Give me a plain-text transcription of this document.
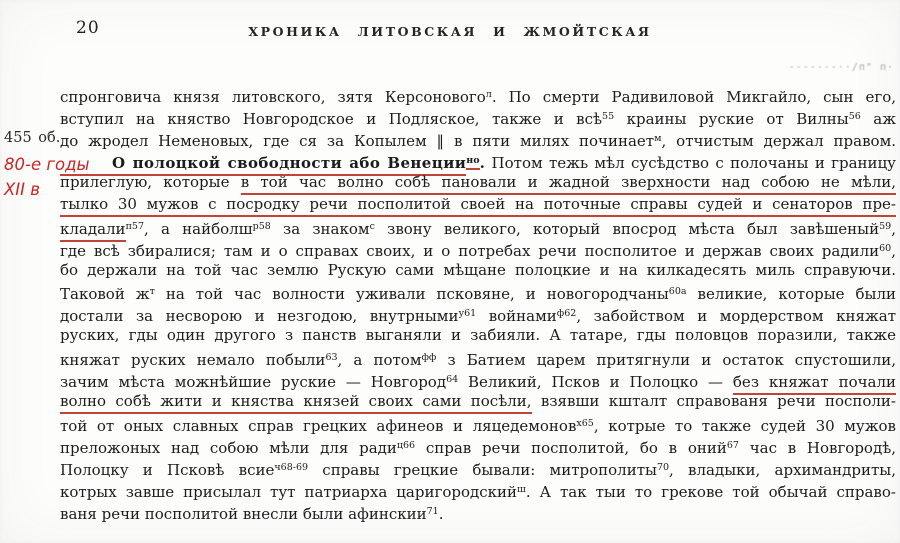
20	ХРОНИКА ЛИТОВСКАЯ И ЖМОЙТСКАЯ
-------··/п" п·
455 об.
80-е годы
XII в
спронговича князя литовского, зятя Керсонового$^л$. По смерти Радивиловой Микгайло, сын его,
вступил на княство Новгородское и Подляское, также и всѣ$^{55}$ краины руские от Вилны$^{56}$ аж
до жродел Неменовых, где ся за Копылем ‖ в пяти милях починает$^м$, отчистым держал правом.
О полоцкой свободности або Венеции$^{но}$. Потом тежь мѣл сусѣдство с полочаны и границу
прилеглую, которые в той час волно собѣ пановали и жадной зверхности над собою не мѣли,
тылко 30 мужов с посродку речи посполитой своей на поточные справы судей и сенаторов пре-
кладали$^{п57}$, а найболш$^{р58}$ за знаком$^с$ звону великого, который впосрод мѣста был завѣшеный$^{59}$,
где всѣ збиралися; там и о справах своих, и о потребах речи посполитое и держав своих радили$^{60}$,
бо держали на той час землю Рускую сами мѣщане полоцкие и на килкадесять миль справуючи.
Таковой $ж^т$ на той час волности уживали псковяне, и новогородчаны$^{60а}$ великие, которые были
достали за несворою и незгодою, внутрными$^{у61}$ войнами$^{ф62}$, забойством и мордерством княжат
руских, гды один другого з панств выганяли и забияли. А татаре, гды половцов поразили, также
княжат руских немало побыли$^{63}$, а потом$^{фф}$ з Батием царем притягнули и остаток спустошили,
зачим мѣста можнѣйшие руские — Новгород$^{64}$ Великий, Псков и Полоцко — без княжат почали
волно собѣ жити и княства князей своих сами посѣли, взявши кшталт справованя речи посполи-
той от оных славных справ грецких афинеов и ляцедемонов$^{х65}$, котрые то также судей 30 мужов
преложоных над собою мѣли для ради$^{ц66}$ справ речи посполитой, бо в оний$^{67}$ час в Новгородѣ,
Полоцку и Псковѣ всие$^{ч68-69}$ справы грецкие бывали: митрополиты$^{70}$, владыки, архимандриты,
котрых завше присылал тут патриарха царигородский$^ш$. А так тыи то грекове той обычай справо-
ваня речи посполитой внесли были афинскии$^{71}$.
